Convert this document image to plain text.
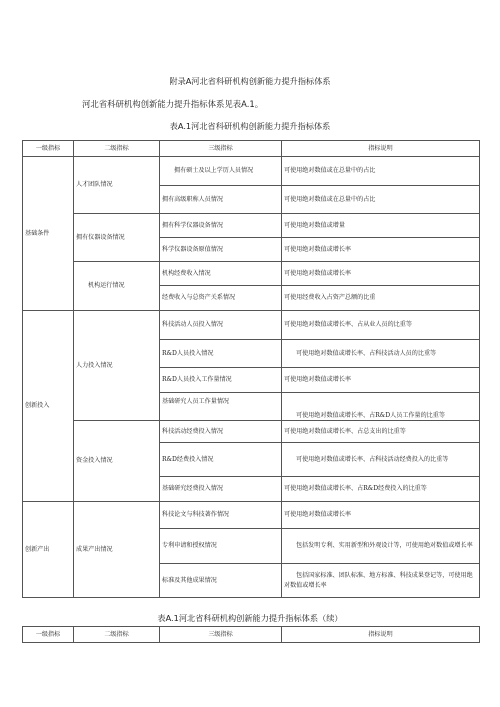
附录A河北省科研机构创新能力提升指标体系
河北省科研机构创新能力提升指标体系见表A.1。
表A.1河北省科研机构创新能力提升指标体系
一级指标	二级指标	三级指标	指标说明
基础条件	人才团队情况	拥有硕士及以上学历人员情况	可使用绝对数值或在总量中的占比
		拥有高级职称人员情况	可使用绝对数值或在总量中的占比
	拥有仪器设备情况	拥有科学仪器设备情况	可使用绝对数值或增量
		科学仪器设备原值情况	可使用绝对数值或增长率
	机构运行情况	机构经费收入情况	可使用绝对数值或增长率
		经费收入与总资产关系情况	可使用经费收入占资产总额的比重
创新投入	人力投入情况	科技活动人员投入情况	可使用绝对数值或增长率、占从业人员的比重等
		R&D人员投入情况	可使用绝对数值或增长率、占科技活动人员的比重等
		R&D人员投入工作量情况	可使用绝对数值或增长率
		基础研究人员工作量情况	可使用绝对数值或增长率、占R&D人员工作量的比重等
	资金投入情况	科技活动经费投入情况	可使用绝对数值或增长率、占总支出的比重等
		R&D经费投入情况	可使用绝对数值或增长率、占科技活动经费投入的比重等
		基础研究经费投入情况	可使用绝对数值或增长率、占R&D经费投入的比重等
创新产出	成果产出情况	科技论文与科技著作情况	可使用绝对数值或增长率
		专利申请和授权情况	包括发明专利、实用新型和外观设计等，可使用绝对数值或增长率
		标准及其他成果情况	包括国家标准、团队标准、地方标准、科技成果登记等，可使用绝对数值或增长率
表A.1河北省科研机构创新能力提升指标体系（续）
一级指标	二级指标	三级指标	指标说明
